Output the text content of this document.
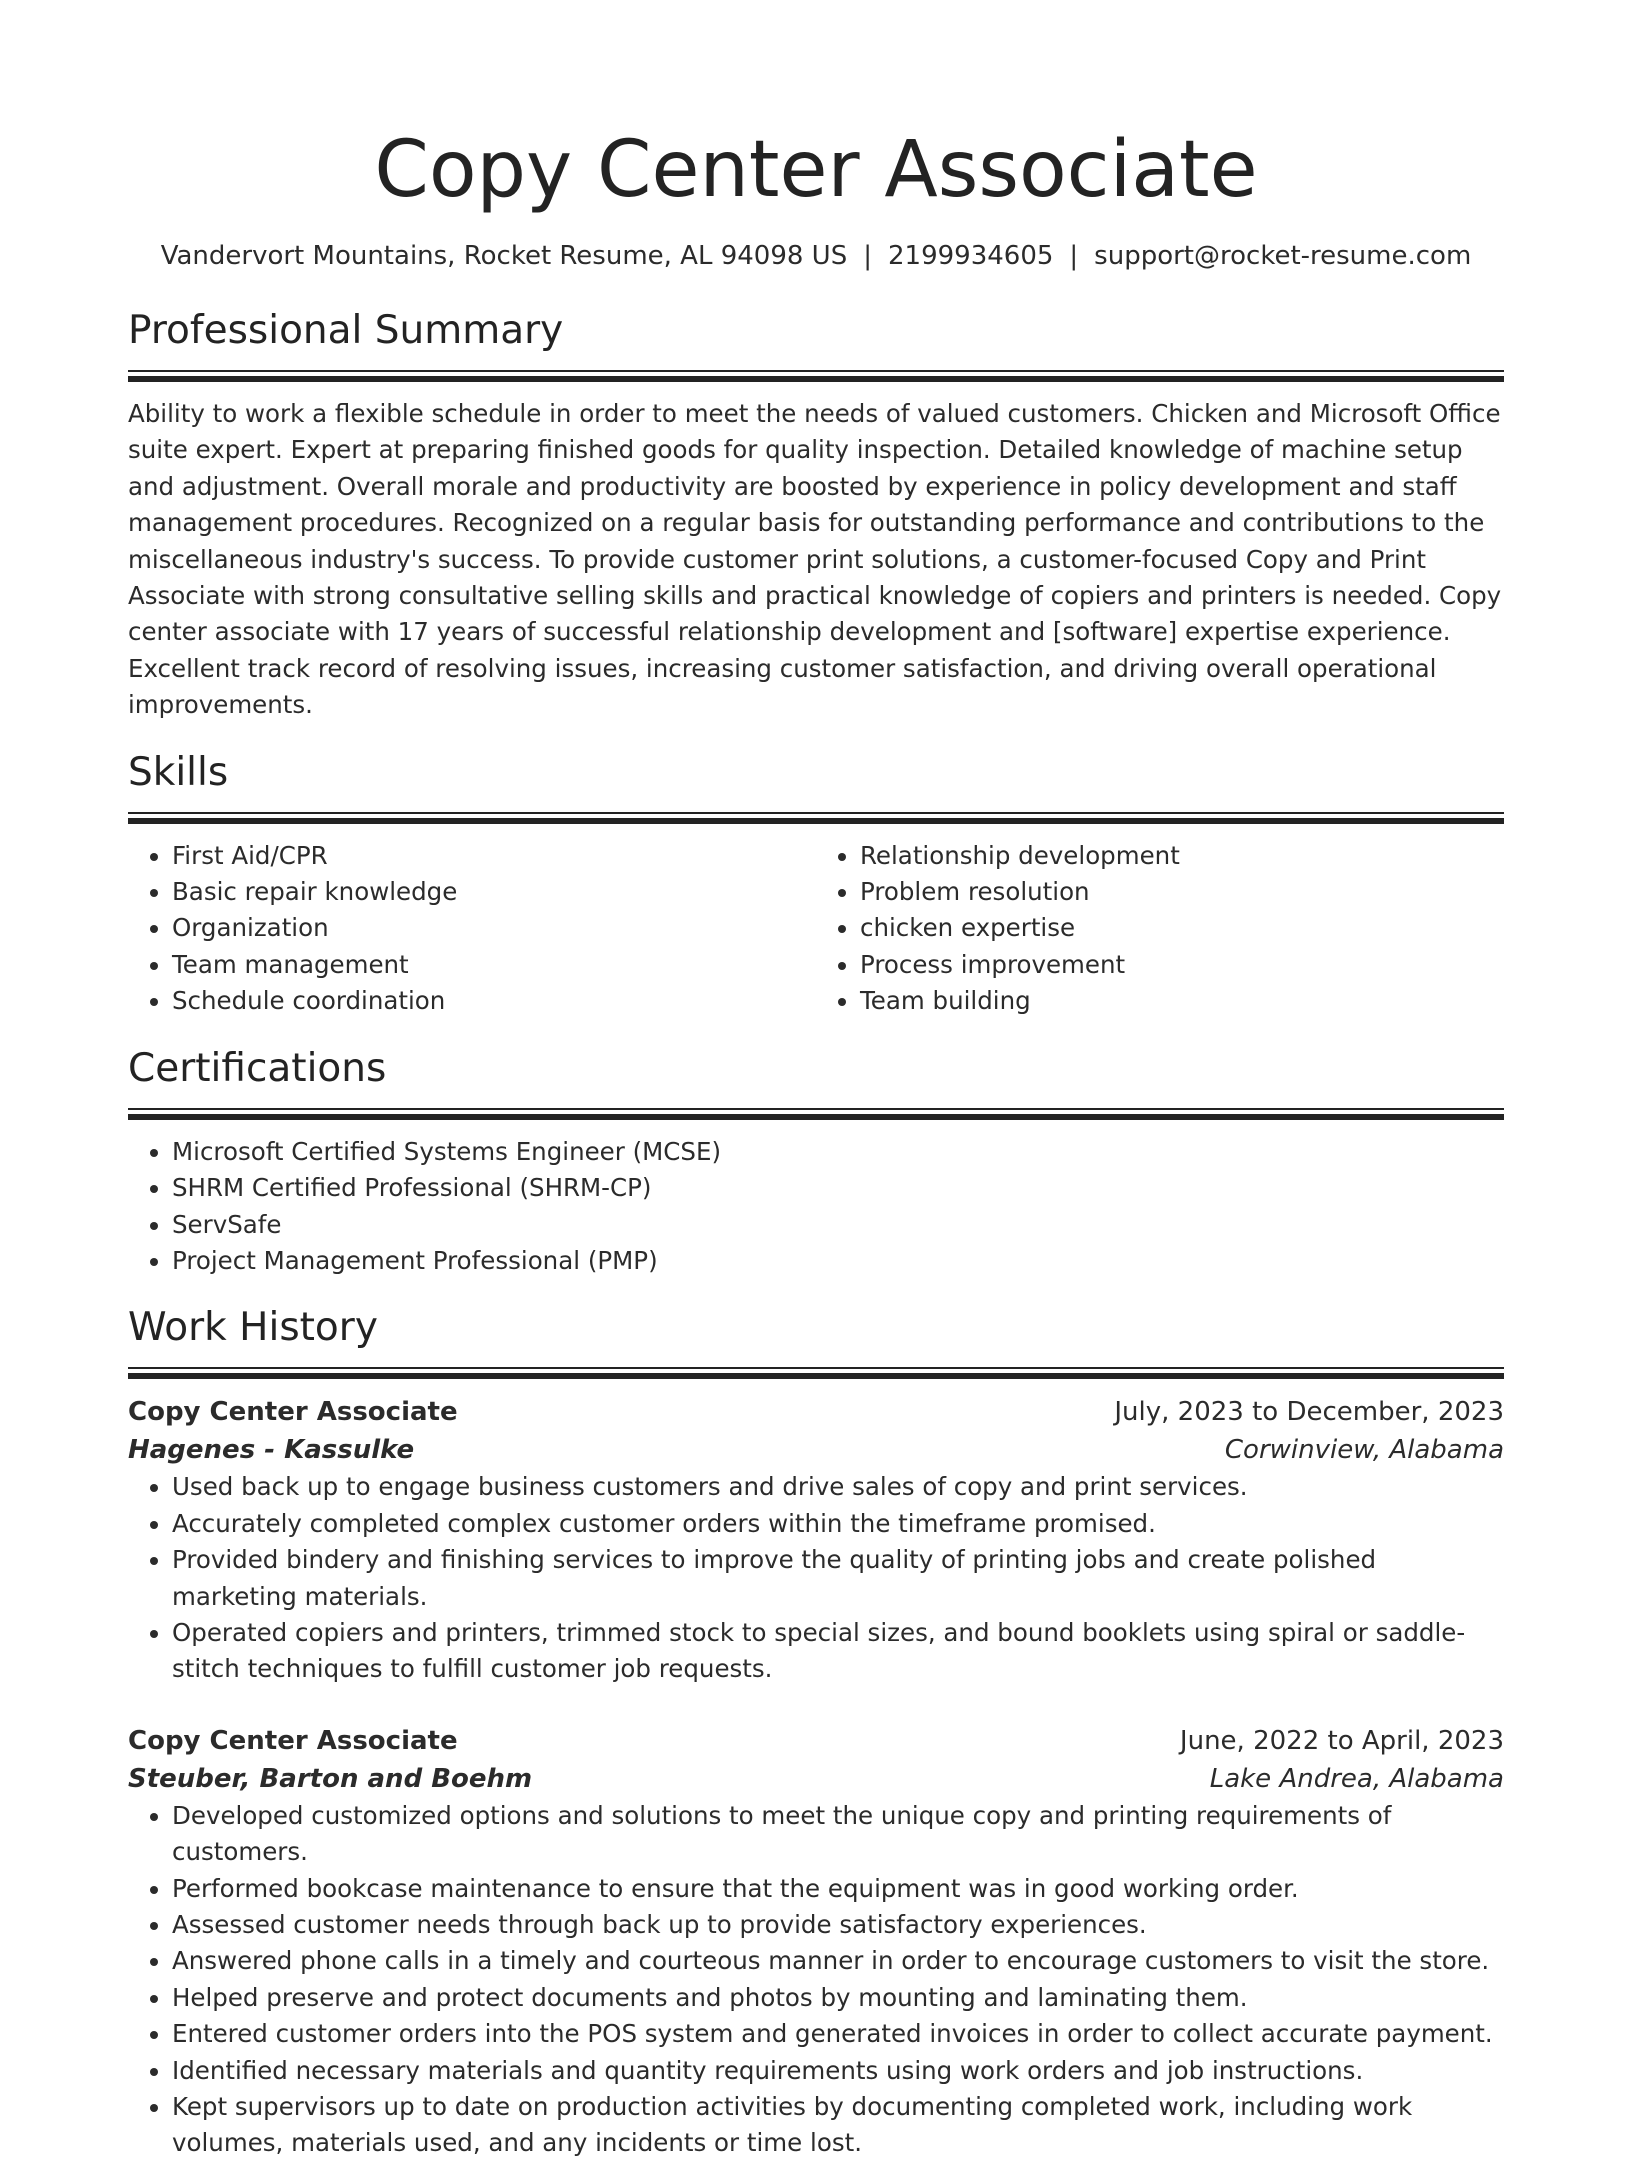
Copy Center Associate
Vandervort Mountains, Rocket Resume, AL 94098 US | 2199934605 | support@rocket-resume.com
Professional Summary

Ability to work a flexible schedule in order to meet the needs of valued customers. Chicken and Microsoft Office suite expert. Expert at preparing finished goods for quality inspection. Detailed knowledge of machine setup and adjustment. Overall morale and productivity are boosted by experience in policy development and staff management procedures. Recognized on a regular basis for outstanding performance and contributions to the miscellaneous industry's success. To provide customer print solutions, a customer-focused Copy and Print Associate with strong consultative selling skills and practical knowledge of copiers and printers is needed. Copy center associate with 17 years of successful relationship development and [software] expertise experience. Excellent track record of resolving issues, increasing customer satisfaction, and driving overall operational improvements.

Skills
• First Aid/CPR
• Basic repair knowledge
• Organization
• Team management
• Schedule coordination
• Relationship development
• Problem resolution
• chicken expertise
• Process improvement
• Team building
Certifications
• Microsoft Certified Systems Engineer (MCSE)
• SHRM Certified Professional (SHRM-CP)
• ServSafe
• Project Management Professional (PMP)
Work History
Copy Center Associate	July, 2023 to December, 2023
Hagenes - Kassulke	Corwinview, Alabama
• Used back up to engage business customers and drive sales of copy and print services.
• Accurately completed complex customer orders within the timeframe promised.
• Provided bindery and finishing services to improve the quality of printing jobs and create polished marketing materials.
• Operated copiers and printers, trimmed stock to special sizes, and bound booklets using spiral or saddle-stitch techniques to fulfill customer job requests.
Copy Center Associate	June, 2022 to April, 2023
Steuber, Barton and Boehm	Lake Andrea, Alabama
• Developed customized options and solutions to meet the unique copy and printing requirements of customers.
• Performed bookcase maintenance to ensure that the equipment was in good working order.
• Assessed customer needs through back up to provide satisfactory experiences.
• Answered phone calls in a timely and courteous manner in order to encourage customers to visit the store.
• Helped preserve and protect documents and photos by mounting and laminating them.
• Entered customer orders into the POS system and generated invoices in order to collect accurate payment.
• Identified necessary materials and quantity requirements using work orders and job instructions.
• Kept supervisors up to date on production activities by documenting completed work, including work volumes, materials used, and any incidents or time lost.
